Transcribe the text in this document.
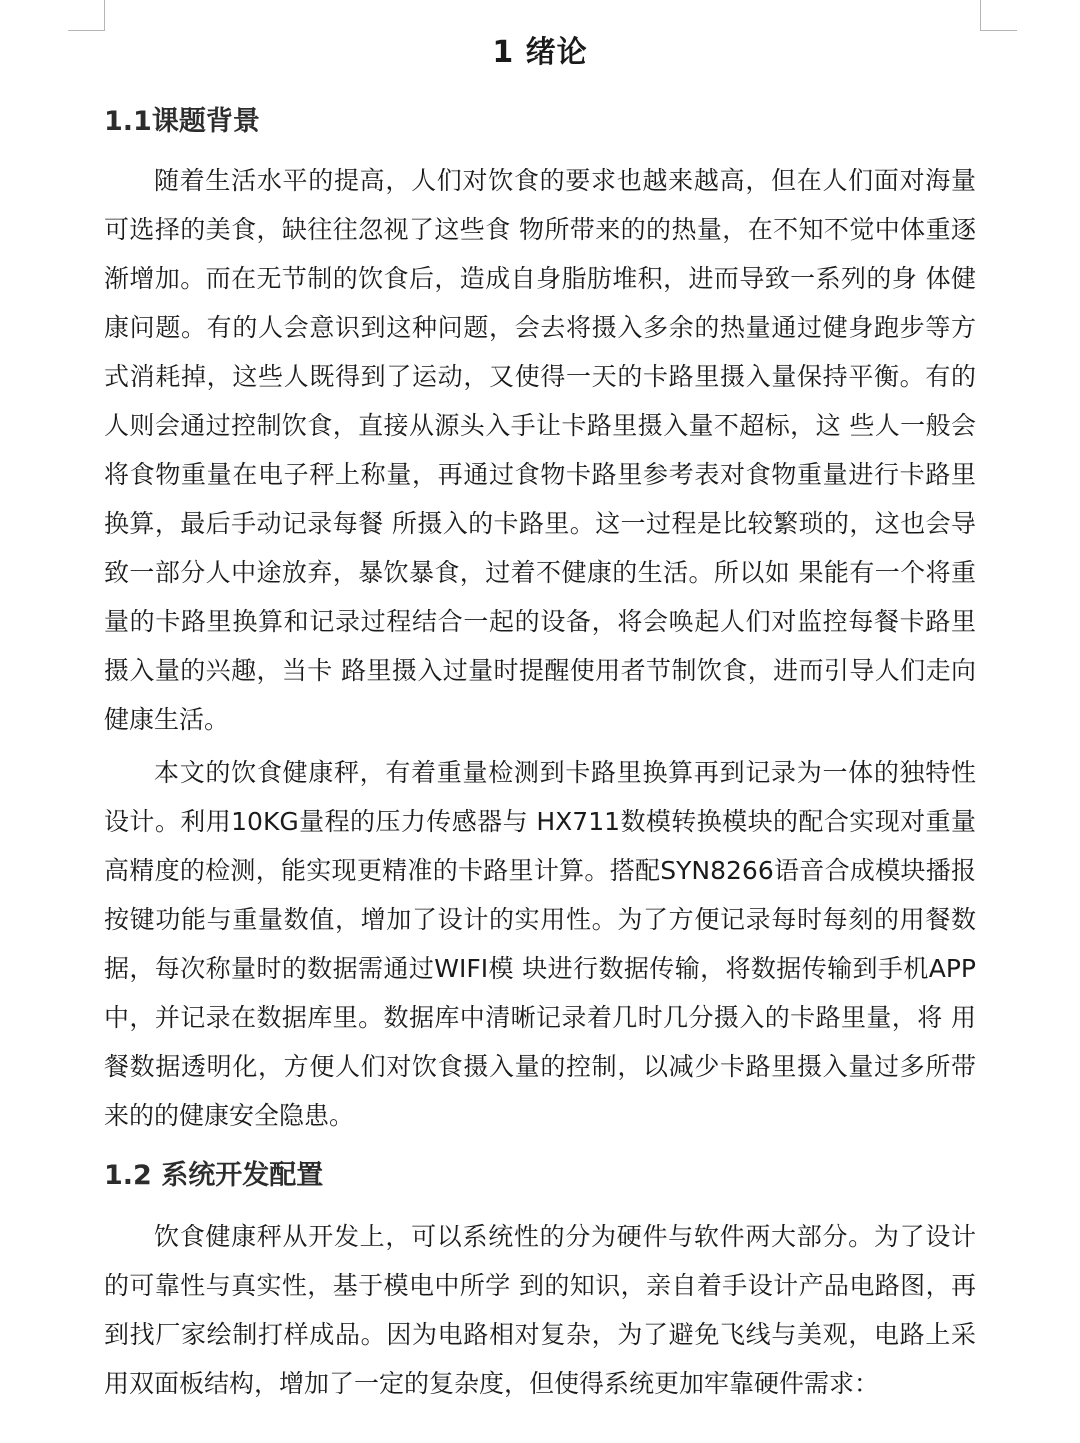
1 绪论
1.1课题背景

随着生活水平的提高，人们对饮食的要求也越来越高，但在人们面对海量可选择的美食，缺往往忽视了这些食 物所带来的的热量，在不知不觉中体重逐渐增加。而在无节制的饮食后，造成自身脂肪堆积，进而导致一系列的身 体健康问题。有的人会意识到这种问题，会去将摄入多余的热量通过健身跑步等方式消耗掉，这些人既得到了运动，又使得一天的卡路里摄入量保持平衡。有的人则会通过控制饮食，直接从源头入手让卡路里摄入量不超标，这 些人一般会将食物重量在电子秤上称量，再通过食物卡路里参考表对食物重量进行卡路里换算，最后手动记录每餐 所摄入的卡路里。这一过程是比较繁琐的，这也会导致一部分人中途放弃，暴饮暴食，过着不健康的生活。所以如 果能有一个将重量的卡路里换算和记录过程结合一起的设备，将会唤起人们对监控每餐卡路里摄入量的兴趣，当卡 路里摄入过量时提醒使用者节制饮食，进而引导人们走向健康生活。

本文的饮食健康秤，有着重量检测到卡路里换算再到记录为一体的独特性设计。利用10KG量程的压力传感器与 HX711数模转换模块的配合实现对重量高精度的检测，能实现更精准的卡路里计算。搭配SYN8266语音合成模块播报 按键功能与重量数值，增加了设计的实用性。为了方便记录每时每刻的用餐数据，每次称量时的数据需通过WIFI模 块进行数据传输，将数据传输到手机APP中，并记录在数据库里。数据库中清晰记录着几时几分摄入的卡路里量，将 用餐数据透明化，方便人们对饮食摄入量的控制，以减少卡路里摄入量过多所带来的的健康安全隐患。

1.2 系统开发配置

饮食健康秤从开发上，可以系统性的分为硬件与软件两大部分。为了设计的可靠性与真实性，基于模电中所学 到的知识，亲自着手设计产品电路图，再到找厂家绘制打样成品。因为电路相对复杂，为了避免飞线与美观，电路上采用双面板结构，增加了一定的复杂度，但使得系统更加牢靠硬件需求：
